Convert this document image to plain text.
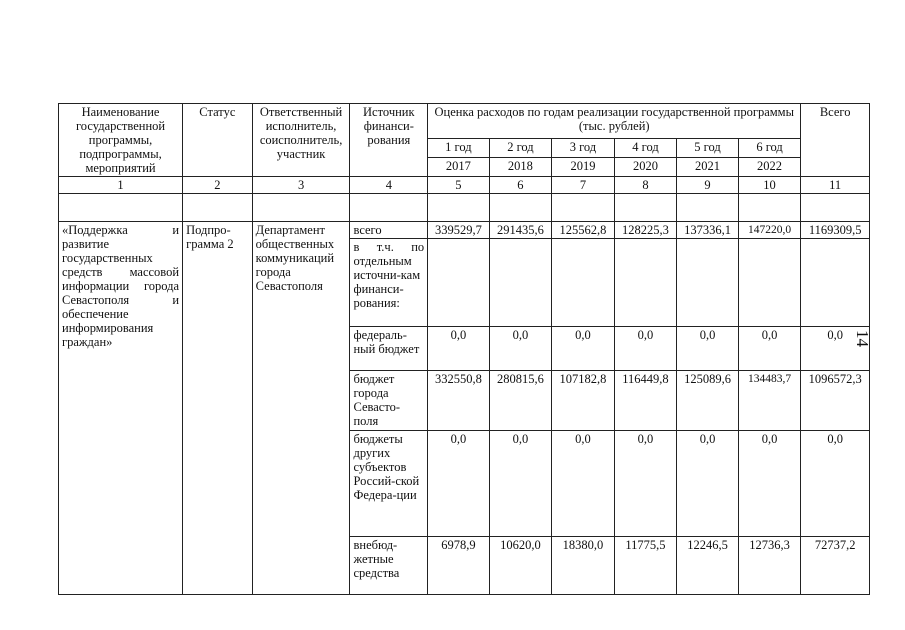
Наименование государственной программы, подпрограммы, мероприятий	Статус	Ответственный исполнитель, соисполнитель, участник	Источник финанси-рования	Оценка расходов по годам реализации государственной программы (тыс. рублей)						Всего
				1 год	2 год	3 год	4 год	5 год	6 год	
				2017	2018	2019	2020	2021	2022	
1	2	3	4	5	6	7	8	9	10	11

«Поддержка и развитие государственных средств массовой информации города Севастополя и обеспечение информирования граждан»	Подпро-грамма 2	Департамент общественных коммуникаций города Севастополя	всего	339529,7	291435,6	125562,8	128225,3	137336,1	147220,0	1169309,5
			в т.ч. по отдельным источни-кам финанси-рования:							
			федераль-ный бюджет	0,0	0,0	0,0	0,0	0,0	0,0	0,0
			бюджет города Севасто-поля	332550,8	280815,6	107182,8	116449,8	125089,6	134483,7	1096572,3
			бюджеты других субъектов Россий-ской Федера-ции	0,0	0,0	0,0	0,0	0,0	0,0	0,0
			внебюд-жетные средства	6978,9	10620,0	18380,0	11775,5	12246,5	12736,3	72737,2
14
